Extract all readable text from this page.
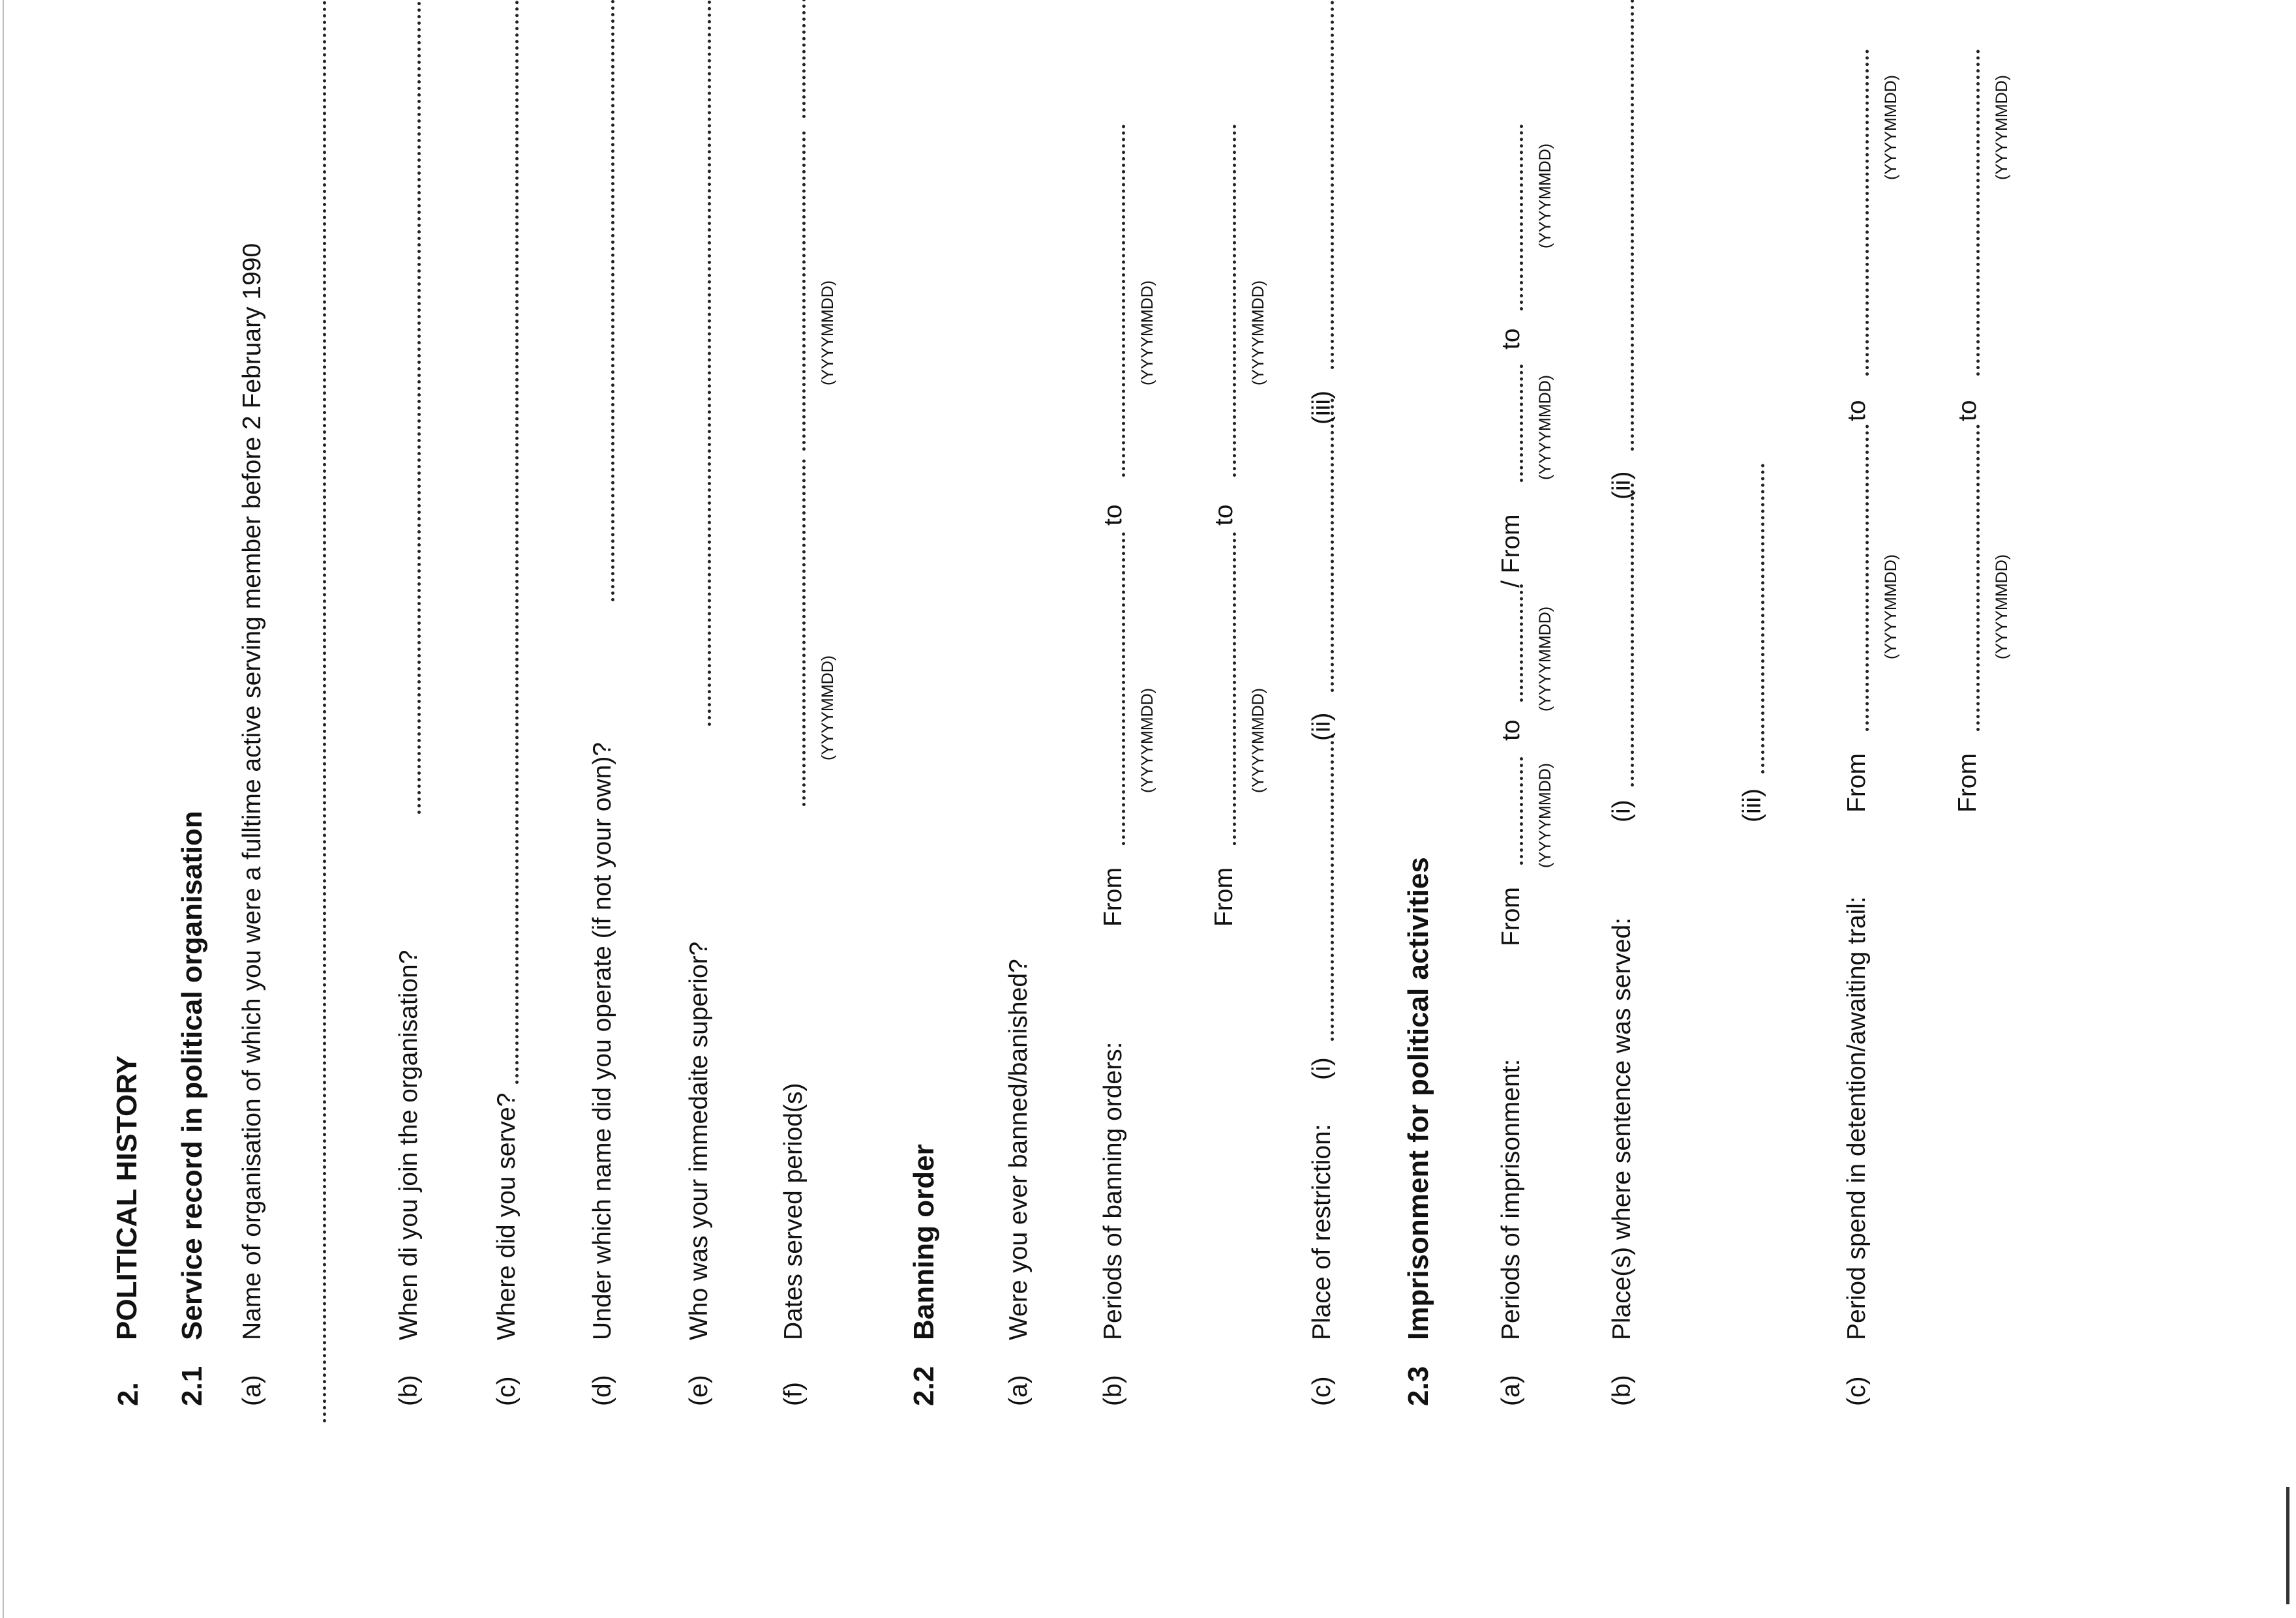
2.
POLITICAL HISTORY
2.1
Service record in political organisation
(a)
Name of organisation of which you were a fulltime active serving member before 2 February 1990
(b)
When di you join the organisation?
(c)
Where did you serve?
(d)
Under which name did you operate (if not your own)?
(e)
Who was your immedaite superior?
(f)
Dates served period(s)
(YYYYMMDD)
(YYYYMMDD)
2.2
Banning order
(a)
Were you ever banned/banished?
(b)
Periods of banning orders:
From
(YYYYMMDD)
to
(YYYYMMDD)
From
(YYYYMMDD)
to
(YYYYMMDD)
(c)
Place of restriction:
(i)
(ii)
(iii)
2.3
Imprisonment for political activities
(a)
Periods of imprisonment:
From
(YYYYMMDD)
to
(YYYYMMDD)
/ From
(YYYYMMDD)
to
(YYYYMMDD)
(b)
Place(s) where sentence was served:
(i)
(ii)
(iii)
(c)
Period spend in detention/awaiting trail:
From
(YYYYMMDD)
to
(YYYYMMDD)
From
(YYYYMMDD)
to
(YYYYMMDD)
